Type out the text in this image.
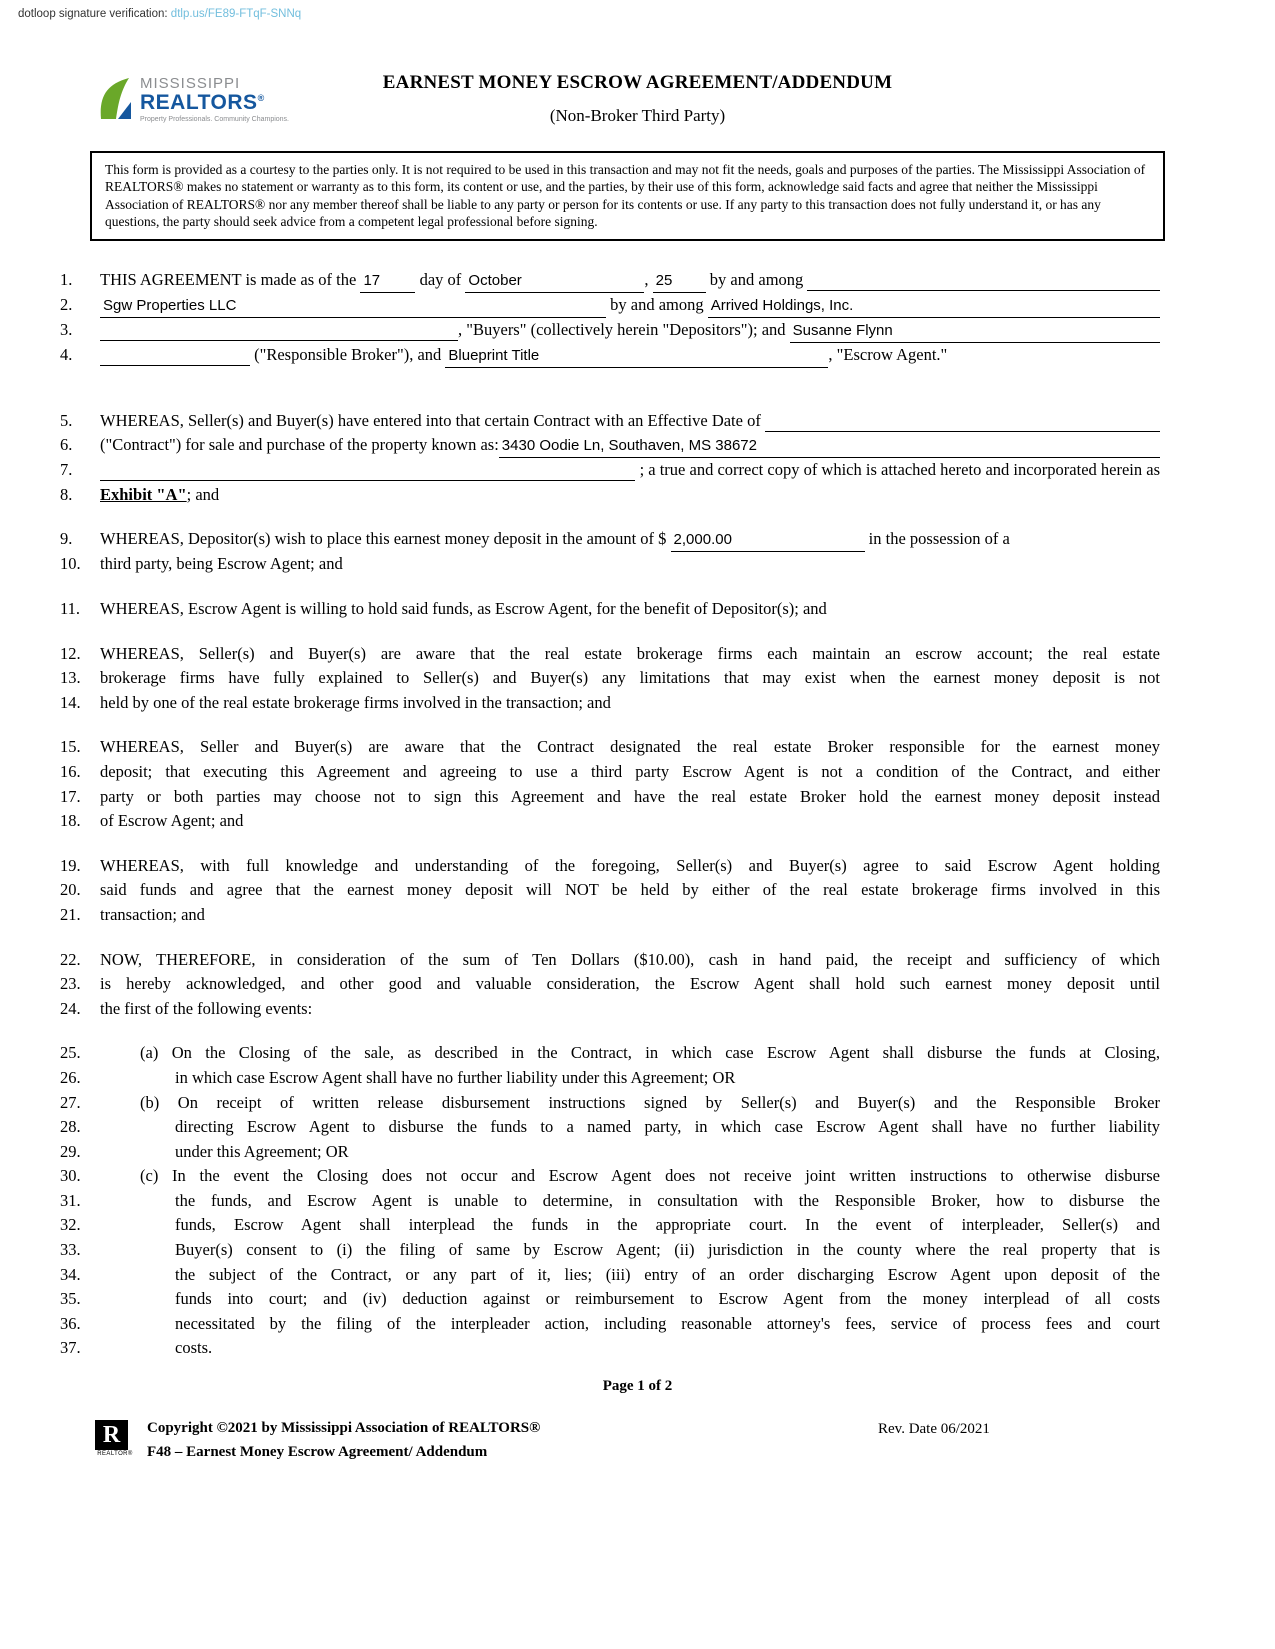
dotloop signature verification: dtlp.us/FE89-FTqF-SNNq
MISSISSIPPI
REALTORS®
Property Professionals. Community Champions.
EARNEST MONEY ESCROW AGREEMENT/ADDENDUM
(Non-Broker Third Party)
This form is provided as a courtesy to the parties only. It is not required to be used in this transaction and may not fit the needs, goals and purposes of the parties. The Mississippi Association of REALTORS® makes no statement or warranty as to this form, its content or use, and the parties, by their use of this form, acknowledge said facts and agree that neither the Mississippi Association of REALTORS® nor any member thereof shall be liable to any party or person for its contents or use. If any party to this transaction does not fully understand it, or has any questions, the party should seek advice from a competent legal professional before signing.
1.	THIS AGREEMENT is made as of the 17	day of October	, 25	by and among

2.	Sgw Properties LLC	by and among Arrived Holdings, Inc.
3.
	, "Buyers" (collectively herein "Depositors"); and Susanne Flynn
4.
	("Responsible Broker"), and Blueprint Title	, "Escrow Agent."
5.	WHEREAS, Seller(s) and Buyer(s) have entered into that certain Contract with an Effective Date of

6.	("Contract") for sale and purchase of the property known as: 3430 Oodie Ln, Southaven, MS 38672
7.
	; a true and correct copy of which is attached hereto and incorporated herein as
8.	Exhibit "A" ; and
9.	WHEREAS, Depositor(s) wish to place this earnest money deposit in the amount of $ 2,000.00	in the possession of a
10.	third party, being Escrow Agent; and
11.	WHEREAS, Escrow Agent is willing to hold said funds, as Escrow Agent, for the benefit of Depositor(s); and
12.	WHEREAS, Seller(s) and Buyer(s) are aware that the real estate brokerage firms each maintain an escrow account; the real estate
13.	brokerage firms have fully explained to Seller(s) and Buyer(s) any limitations that may exist when the earnest money deposit is not
14.	held by one of the real estate brokerage firms involved in the transaction; and
15.	WHEREAS, Seller and Buyer(s) are aware that the Contract designated the real estate Broker responsible for the earnest money
16.	deposit; that executing this Agreement and agreeing to use a third party Escrow Agent is not a condition of the Contract, and either
17.	party or both parties may choose not to sign this Agreement and have the real estate Broker hold the earnest money deposit instead
18.	of Escrow Agent; and
19.	WHEREAS, with full knowledge and understanding of the foregoing, Seller(s) and Buyer(s) agree to said Escrow Agent holding
20.	said funds and agree that the earnest money deposit will NOT be held by either of the real estate brokerage firms involved in this
21.	transaction; and
22.	NOW, THEREFORE, in consideration of the sum of Ten Dollars ($10.00), cash in hand paid, the receipt and sufficiency of which
23.	is hereby acknowledged, and other good and valuable consideration, the Escrow Agent shall hold such earnest money deposit until
24.	the first of the following events:
25.	(a) On the Closing of the sale, as described in the Contract, in which case Escrow Agent shall disburse the funds at Closing,
26.	in which case Escrow Agent shall have no further liability under this Agreement; OR
27.	(b) On receipt of written release disbursement instructions signed by Seller(s) and Buyer(s) and the Responsible Broker
28.	directing Escrow Agent to disburse the funds to a named party, in which case Escrow Agent shall have no further liability
29.	under this Agreement; OR
30.	(c) In the event the Closing does not occur and Escrow Agent does not receive joint written instructions to otherwise disburse
31.	the funds, and Escrow Agent is unable to determine, in consultation with the Responsible Broker, how to disburse the
32.	funds, Escrow Agent shall interplead the funds in the appropriate court. In the event of interpleader, Seller(s) and
33.	Buyer(s) consent to (i) the filing of same by Escrow Agent; (ii) jurisdiction in the county where the real property that is
34.	the subject of the Contract, or any part of it, lies; (iii) entry of an order discharging Escrow Agent upon deposit of the
35.	funds into court; and (iv) deduction against or reimbursement to Escrow Agent from the money interplead of all costs
36.	necessitated by the filing of the interpleader action, including reasonable attorney's fees, service of process fees and court
37.	costs.
Page 1 of 2
R
REALTOR®
Copyright ©2021 by Mississippi Association of REALTORS®
F48 – Earnest Money Escrow Agreement/ Addendum
Rev. Date 06/2021
